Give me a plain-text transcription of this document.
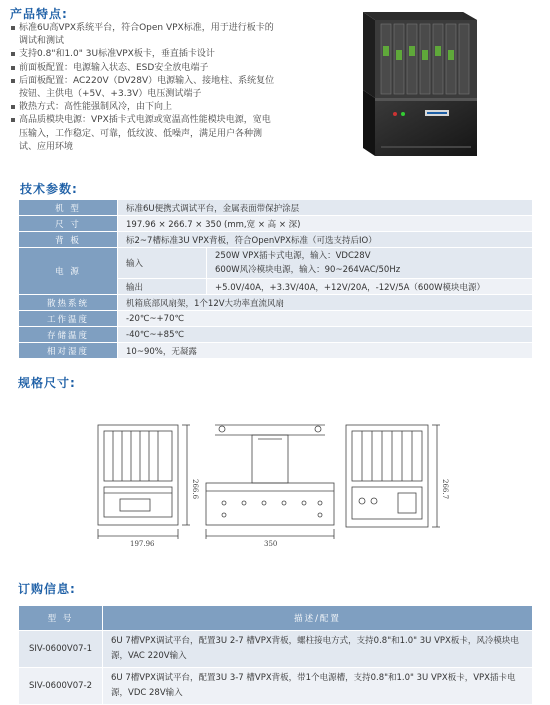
产品特点:
标准6U高VPX系统平台，符合Open VPX标准，用于进行板卡的调试和测试
支持0.8"和1.0" 3U标准VPX板卡，垂直插卡设计
前面板配置：电源输入状态、ESD安全放电端子
后面板配置：AC220V（DV28V）电源输入、接地柱、系统复位按钮、主供电（+5V、+3.3V）电压测试端子
散热方式：高性能强制风冷，由下向上
高品质模块电源：VPX插卡式电源或宽温高性能模块电源，宽电压输入，工作稳定、可靠，低纹波、低噪声，满足用户各种测试、应用环境
技术参数:
机 型	标准6U便携式调试平台，金属表面带保护涂层	
尺 寸	197.96 × 266.7 × 350 (mm,宽 × 高 × 深)	
背 板	标2~7槽标准3U VPX背板，符合OpenVPX标准（可选支持后IO）	
电 源	输入	250W VPX插卡式电源，输入：VDC28V
600W风冷模块电源，输入：90~264VAC/50Hz

	输出	+5.0V/40A，+3.3V/40A，+12V/20A，-12V/5A（600W模块电源）
散热系统	机箱底部风扇架，1个12V大功率直流风扇	
工作温度	-20℃~+70℃	
存储温度	-40℃~+85℃	
相对湿度	10~90%，无凝露	
规格尺寸:
197.96
266.6
350
266.7
订购信息:
型 号	描述/配置
SIV-0600V07-1	6U 7槽VPX调试平台，配置3U 2-7 槽VPX背板，螺柱接电方式，支持0.8"和1.0" 3U VPX板卡，风冷模块电源，VAC 220V输入
SIV-0600V07-2	6U 7槽VPX调试平台，配置3U 3-7 槽VPX背板，带1个电源槽，支持0.8"和1.0" 3U VPX板卡，VPX插卡电源，VDC 28V输入
